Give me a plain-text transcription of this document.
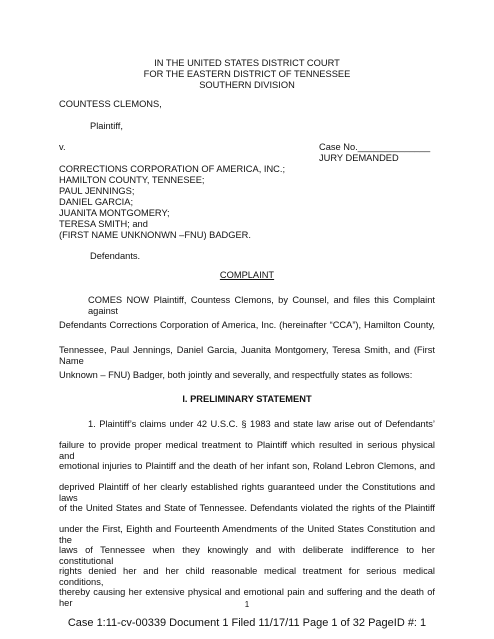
IN THE UNITED STATES DISTRICT COURT
FOR THE EASTERN DISTRICT OF TENNESSEE
SOUTHERN DIVISION
COUNTESS CLEMONS,
Plaintiff,
v.	Case No.______________
JURY DEMANDED
CORRECTIONS CORPORATION OF AMERICA, INC.;
HAMILTON COUNTY, TENNESEE;
PAUL JENNINGS;
DANIEL GARCIA;
JUANITA MONTGOMERY;
TERESA SMITH; and
(FIRST NAME UNKNONWN –FNU) BADGER.
Defendants.
COMPLAINT
COMES NOW Plaintiff, Countess Clemons, by Counsel, and files this Complaint against
Defendants Corrections Corporation of America, Inc. (hereinafter “CCA”), Hamilton County,
Tennessee, Paul Jennings, Daniel Garcia, Juanita Montgomery, Teresa Smith, and (First Name
Unknown – FNU) Badger, both jointly and severally, and respectfully states as follows:
I. PRELIMINARY STATEMENT
1. Plaintiff’s claims under 42 U.S.C. § 1983 and state law arise out of Defendants’
failure to provide proper medical treatment to Plaintiff which resulted in serious physical and
emotional injuries to Plaintiff and the death of her infant son, Roland Lebron Clemons, and
deprived Plaintiff of her clearly established rights guaranteed under the Constitutions and laws
of the United States and State of Tennessee. Defendants violated the rights of the Plaintiff
under the First, Eighth and Fourteenth Amendments of the United States Constitution and the
laws of Tennessee when they knowingly and with deliberate indifference to her constitutional
rights denied her and her child reasonable medical treatment for serious medical conditions,
1
Case 1:11-cv-00339 Document 1 Filed 11/17/11 Page 1 of 32 PageID #: 1
thereby causing her extensive physical and emotional pain and suffering and the death of her
